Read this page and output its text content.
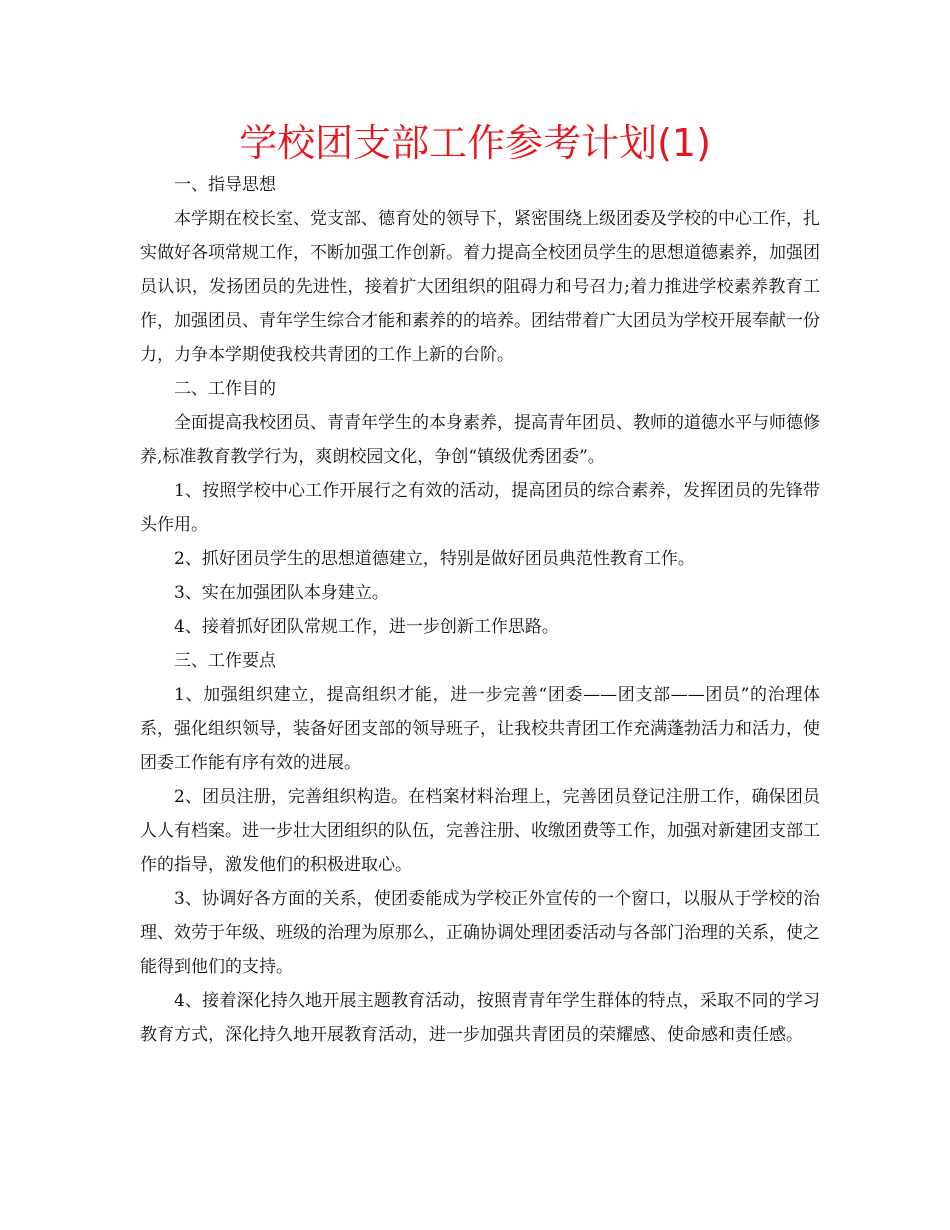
学校团支部工作参考计划(1)

一、指导思想

本学期在校长室、党支部、德育处的领导下，紧密围绕上级团委及学校的中心工作，扎实做好各项常规工作，不断加强工作创新。着力提高全校团员学生的思想道德素养，加强团员认识，发扬团员的先进性，接着扩大团组织的阻碍力和号召力;着力推进学校素养教育工作，加强团员、青年学生综合才能和素养的的培养。团结带着广大团员为学校开展奉献一份力，力争本学期使我校共青团的工作上新的台阶。

二、工作目的

全面提高我校团员、青青年学生的本身素养，提高青年团员、教师的道德水平与师德修养,标准教育教学行为，爽朗校园文化，争创“镇级优秀团委”。

1、按照学校中心工作开展行之有效的活动，提高团员的综合素养，发挥团员的先锋带头作用。

2、抓好团员学生的思想道德建立，特别是做好团员典范性教育工作。

3、实在加强团队本身建立。

4、接着抓好团队常规工作，进一步创新工作思路。

三、工作要点

1、加强组织建立，提高组织才能，进一步完善“团委——团支部——团员”的治理体系，强化组织领导，装备好团支部的领导班子，让我校共青团工作充满蓬勃活力和活力，使团委工作能有序有效的进展。

2、团员注册，完善组织构造。在档案材料治理上，完善团员登记注册工作，确保团员人人有档案。进一步壮大团组织的队伍，完善注册、收缴团费等工作，加强对新建团支部工作的指导，激发他们的积极进取心。

3、协调好各方面的关系，使团委能成为学校正外宣传的一个窗口，以服从于学校的治理、效劳于年级、班级的治理为原那么，正确协调处理团委活动与各部门治理的关系，使之能得到他们的支持。

4、接着深化持久地开展主题教育活动，按照青青年学生群体的特点，采取不同的学习教育方式，深化持久地开展教育活动，进一步加强共青团员的荣耀感、使命感和责任感。
